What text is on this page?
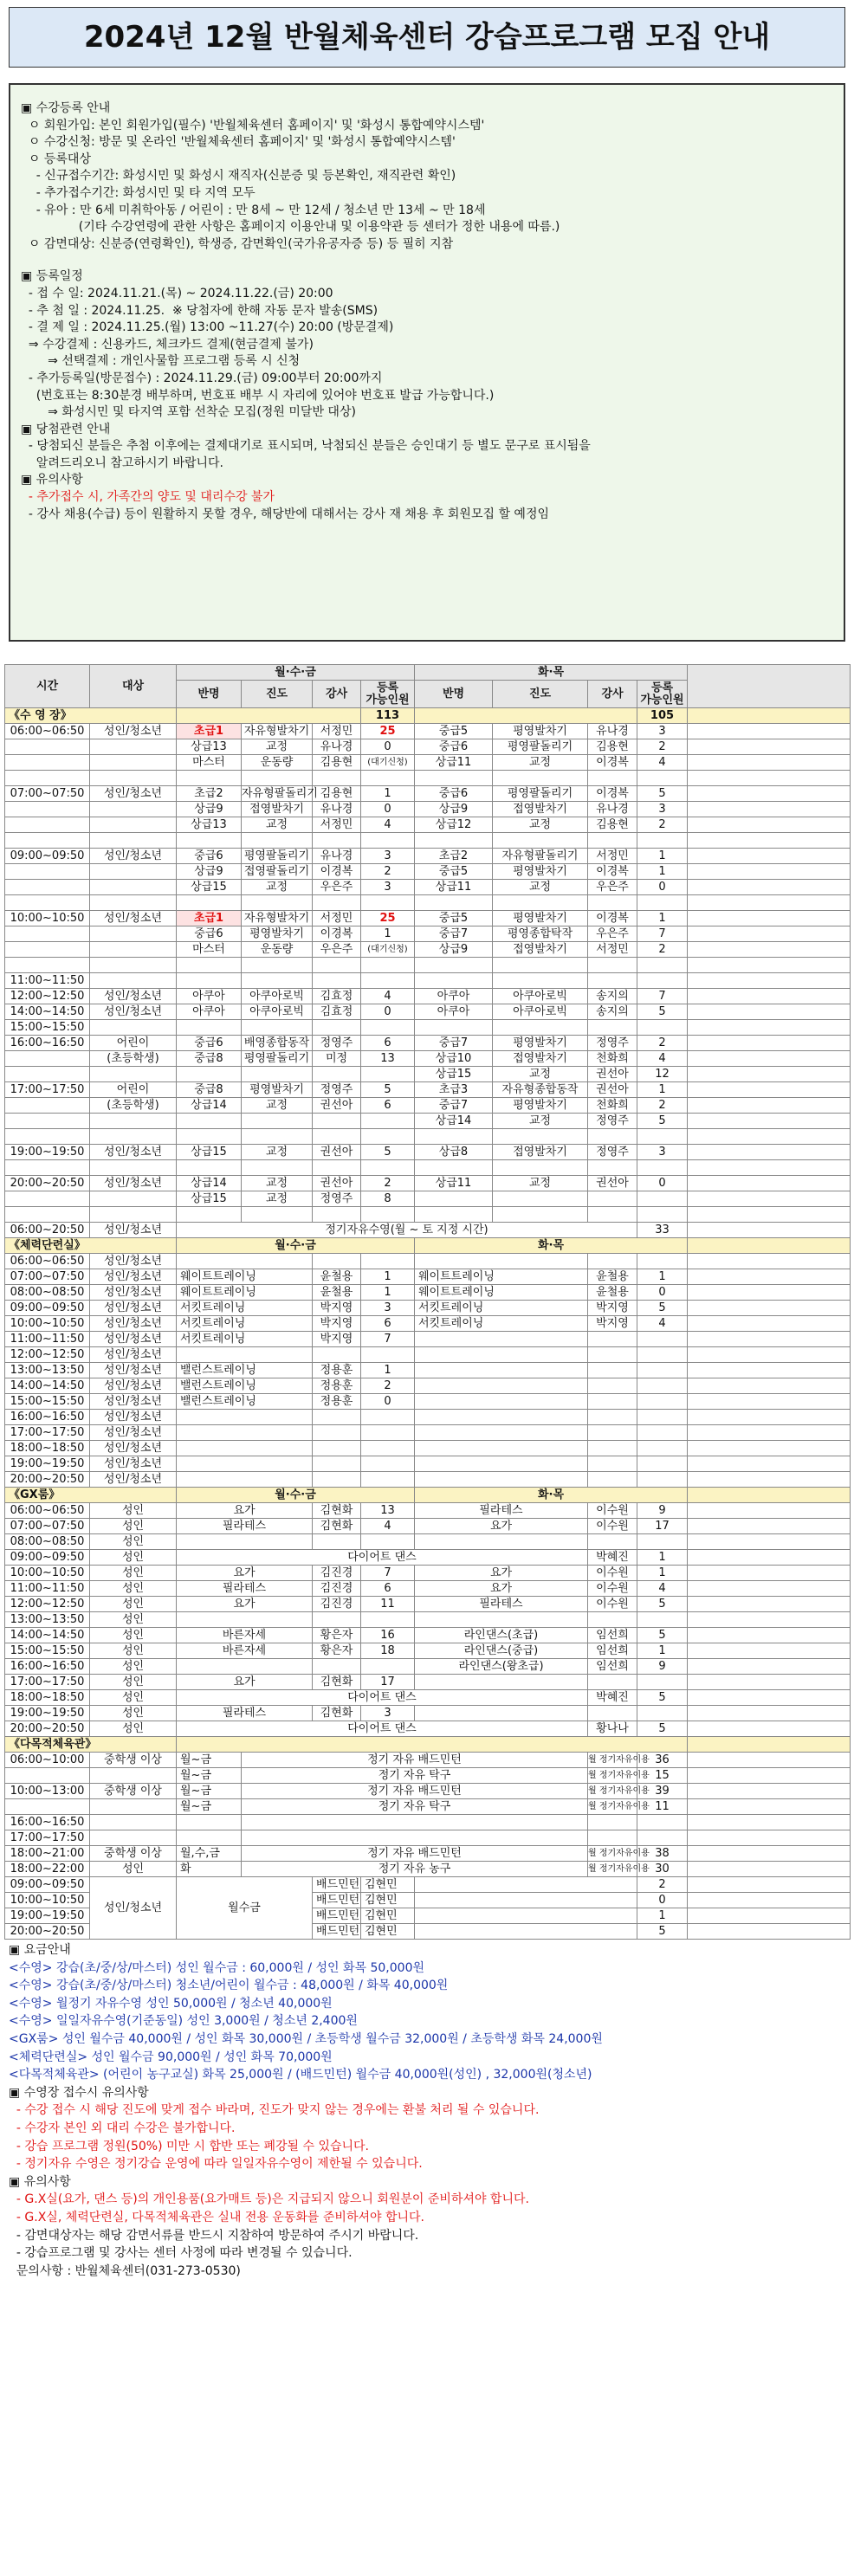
2024년 12월 반월체육센터 강습프로그램 모집 안내
▣ 수강등록 안내
ㅇ 회원가입: 본인 회원가입(필수) '반월체육센터 홈페이지' 및 '화성시 통합예약시스템'
ㅇ 수강신청: 방문 및 온라인 '반월체육센터 홈페이지' 및 '화성시 통합예약시스템'
ㅇ 등록대상
- 신규접수기간: 화성시민 및 화성시 재직자(신분증 및 등본확인, 재직관련 확인)
- 추가접수기간: 화성시민 및 타 지역 모두
- 유아 : 만 6세 미취학아동 / 어린이 : 만 8세 ~ 만 12세 / 청소년 만 13세 ~ 만 18세
(기타 수강연령에 관한 사항은 홈페이지 이용안내 및 이용약관 등 센터가 정한 내용에 따름.)
ㅇ 감면대상: 신분증(연령확인), 학생증, 감면확인(국가유공자증 등) 등 필히 지참
▣ 등록일정
- 접 수 일: 2024.11.21.(목) ~ 2024.11.22.(금) 20:00
- 추 첨 일 : 2024.11.25.  ※ 당첨자에 한해 자동 문자 발송(SMS)
- 결 제 일 : 2024.11.25.(월) 13:00 ~11.27(수) 20:00 (방문결제)
⇒ 수강결제 : 신용카드, 체크카드 결제(현금결제 불가)
⇒ 선택결제 : 개인사물함 프로그램 등록 시 신청
- 추가등록일(방문접수) : 2024.11.29.(금) 09:00부터 20:00까지
(번호표는 8:30분경 배부하며, 번호표 배부 시 자리에 있어야 번호표 발급 가능합니다.)
⇒ 화성시민 및 타지역 포함 선착순 모집(정원 미달반 대상)
▣ 당첨관련 안내
- 당첨되신 분들은 추첨 이후에는 결제대기로 표시되며, 낙첨되신 분들은 승인대기 등 별도 문구로 표시됨을
알려드리오니 참고하시기 바랍니다.
▣ 유의사항
- 추가접수 시, 가족간의 양도 및 대리수강 불가
- 강사 채용(수급) 등이 원활하지 못할 경우, 해당반에 대해서는 강사 재 채용 후 회원모집 할 예정임
시간	대상	월·수·금				화·목				
		반명	진도	강사	등록
가능인원	반명	진도	강사	등록
가능인원	
《수 영 장》					113				105	
06:00~06:50	성인/청소년	초급1	자유형발차기	서정민	25	중급5	평영발차기	유나경	3	
		상급13	교정	유나경	0	중급6	평영팔돌리기	김용현	2	
		마스터	운동량	김용현	(대기신청)	상급11	교정	이경복	4	

07:00~07:50	성인/청소년	초급2	자유형팔돌리기	김용현	1	중급6	평영팔돌리기	이경복	5	
		상급9	접영발차기	유나경	0	상급9	접영발차기	유나경	3	
		상급13	교정	서정민	4	상급12	교정	김용현	2	

09:00~09:50	성인/청소년	중급6	평영팔돌리기	유나경	3	초급2	자유형팔돌리기	서정민	1	
		상급9	접영팔돌리기	이경복	2	중급5	평영발차기	이경복	1	
		상급15	교정	우은주	3	상급11	교정	우은주	0	

10:00~10:50	성인/청소년	초급1	자유형발차기	서정민	25	중급5	평영발차기	이경복	1	
		중급6	평영발차기	이경복	1	중급7	평영종합탁작	우은주	7	
		마스터	운동량	우은주	(대기신청)	상급9	접영발차기	서정민	2	

11:00~11:50										
12:00~12:50	성인/청소년	아쿠아	아쿠아로빅	김효정	4	아쿠아	아쿠아로빅	송지의	7	
14:00~14:50	성인/청소년	아쿠아	아쿠아로빅	김효정	0	아쿠아	아쿠아로빅	송지의	5	
15:00~15:50										
16:00~16:50	어린이	중급6	배영종합동작	정영주	6	중급7	평영발차기	정영주	2	
	(초등학생)	중급8	평영팔돌리기	미정	13	상급10	접영발차기	천화희	4	
						상급15	교정	권선아	12	
17:00~17:50	어린이	중급8	평영발차기	정영주	5	초급3	자유형종합동작	권선아	1	
	(초등학생)	상급14	교정	권선아	6	중급7	평영발차기	천화희	2	
						상급14	교정	정영주	5	

19:00~19:50	성인/청소년	상급15	교정	권선아	5	상급8	접영발차기	정영주	3	

20:00~20:50	성인/청소년	상급14	교정	권선아	2	상급11	교정	권선아	0	
		상급15	교정	정영주	8					

06:00~20:50	성인/청소년	정기자유수영(월 ~ 토 지정 시간)							33	
《체력단련실》		월·수·금				화·목				
06:00~06:50	성인/청소년									
07:00~07:50	성인/청소년	웨이트트레이닝		윤철용	1	웨이트트레이닝		윤철용	1	
08:00~08:50	성인/청소년	웨이트트레이닝		윤철용	1	웨이트트레이닝		윤철용	0	
09:00~09:50	성인/청소년	서킷트레이닝		박지영	3	서킷트레이닝		박지영	5	
10:00~10:50	성인/청소년	서킷트레이닝		박지영	6	서킷트레이닝		박지영	4	
11:00~11:50	성인/청소년	서킷트레이닝		박지영	7					
12:00~12:50	성인/청소년									
13:00~13:50	성인/청소년	밸런스트레이닝		정용훈	1					
14:00~14:50	성인/청소년	밸런스트레이닝		정용훈	2					
15:00~15:50	성인/청소년	밸런스트레이닝		정용훈	0					
16:00~16:50	성인/청소년									
17:00~17:50	성인/청소년									
18:00~18:50	성인/청소년									
19:00~19:50	성인/청소년									
20:00~20:50	성인/청소년									
《GX룸》		월·수·금				화·목				
06:00~06:50	성인	요가		김현화	13	필라테스		이수원	9	
07:00~07:50	성인	필라테스		김현화	4	요가		이수원	17	
08:00~08:50	성인									
09:00~09:50	성인	다이어트 댄스						박혜진	1	
10:00~10:50	성인	요가		김진경	7	요가		이수원	1	
11:00~11:50	성인	필라테스		김진경	6	요가		이수원	4	
12:00~12:50	성인	요가		김진경	11	필라테스		이수원	5	
13:00~13:50	성인									
14:00~14:50	성인	바른자세		황은자	16	라인댄스(초급)		임선희	5	
15:00~15:50	성인	바른자세		황은자	18	라인댄스(중급)		임선희	1	
16:00~16:50	성인					라인댄스(왕초급)		임선희	9	
17:00~17:50	성인	요가		김현화	17					
18:00~18:50	성인	다이어트 댄스						박혜진	5	
19:00~19:50	성인	필라테스		김현화	3					
20:00~20:50	성인	다이어트 댄스						황나나	5	
《다목적체육관》										
06:00~10:00	중학생 이상	월~금	정기 자유 배드민턴					월 정기자유이용	36	
		월~금	정기 자유 탁구					월 정기자유이용	15	
10:00~13:00	중학생 이상	월~금	정기 자유 배드민턴					월 정기자유이용	39	
		월~금	정기 자유 탁구					월 정기자유이용	11	
16:00~16:50										
17:00~17:50										
18:00~21:00	중학생 이상	월,수,금	정기 자유 배드민턴					월 정기자유이용	38	
18:00~22:00	성인	화	정기 자유 농구					월 정기자유이용	30	
09:00~09:50	성인/청소년	월수금		배드민턴	김현민				2	
10:00~10:50				배드민턴	김현민				0	
19:00~19:50				배드민턴	김현민				1	
20:00~20:50				배드민턴	김현민				5	
▣ 요금안내
<수영> 강습(초/중/상/마스터) 성인 월수금 : 60,000원 / 성인 화목 50,000원
<수영> 강습(초/중/상/마스터) 청소년/어린이 월수금 : 48,000원 / 화목 40,000원
<수영> 월정기 자유수영 성인 50,000원 / 청소년 40,000원
<수영> 일일자유수영(기준동일) 성인 3,000원 / 청소년 2,400원
<GX룸> 성인 월수금 40,000원 / 성인 화목 30,000원 / 초등학생 월수금 32,000원 / 초등학생 화목 24,000원
<체력단련실> 성인 월수금 90,000원 / 성인 화목 70,000원
<다목적체육관> (어린이 농구교실) 화목 25,000원 / (배드민턴) 월수금 40,000원(성인) , 32,000원(청소년)
▣ 수영장 접수시 유의사항
- 수강 접수 시 해당 진도에 맞게 접수 바라며, 진도가 맞지 않는 경우에는 환불 처리 될 수 있습니다.
- 수강자 본인 외 대리 수강은 불가합니다.
- 강습 프로그램 정원(50%) 미만 시 합반 또는 폐강될 수 있습니다.
- 정기자유 수영은 정기강습 운영에 따라 일일자유수영이 제한될 수 있습니다.
▣ 유의사항
- G.X실(요가, 댄스 등)의 개인용품(요가매트 등)은 지급되지 않으니 회원분이 준비하셔야 합니다.
- G.X실, 체력단련실, 다목적체육관은 실내 전용 운동화를 준비하셔야 합니다.
- 감면대상자는 해당 감면서류를 반드시 지참하여 방문하여 주시기 바랍니다.
- 강습프로그램 및 강사는 센터 사정에 따라 변경될 수 있습니다.
문의사항 : 반월체육센터(031-273-0530)
